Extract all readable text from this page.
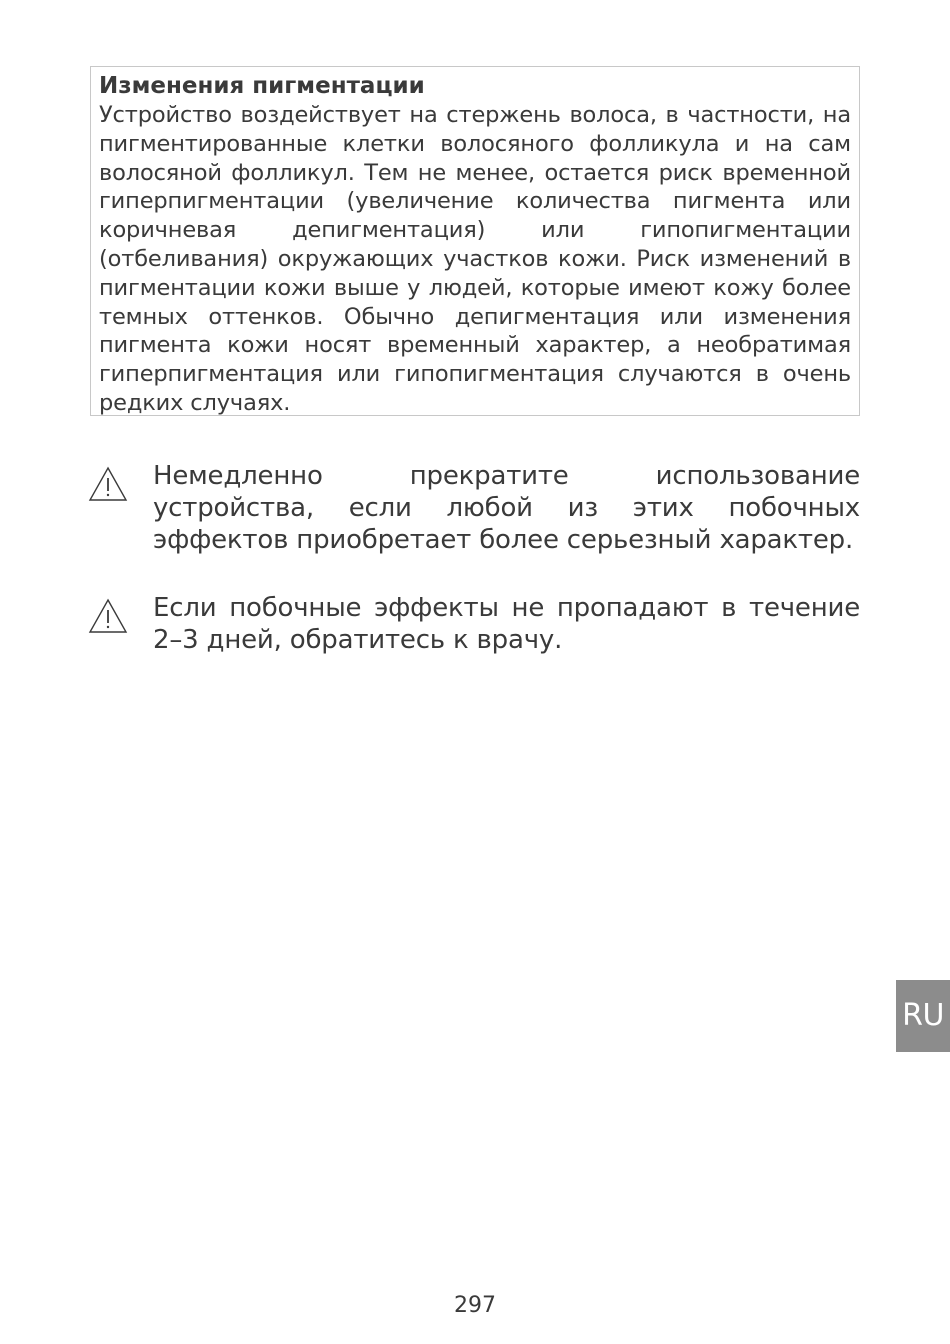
Изменения пигментации

Устройство воздействует на стержень волоса, в частности, на пигментированные клетки волосяного фолликула и на сам волосяной фолликул. Тем не менее, остается риск временной гиперпигментации (увеличение количества пигмента или коричневая депигментация) или гипопигментации (отбеливания) окружающих участков кожи. Риск изменений в пигментации кожи выше у людей, которые имеют кожу более темных оттенков. Обычно депигментация или изменения пигмента кожи носят временный характер, а необратимая гиперпигментация или гипопигментация случаются в очень редких случаях.

Немедленно прекратите использование устройства, если любой из этих побочных эффектов приобретает более серьезный характер.
Если побочные эффекты не пропадают в течение 2–3 дней, обратитесь к врачу.
RU
297
